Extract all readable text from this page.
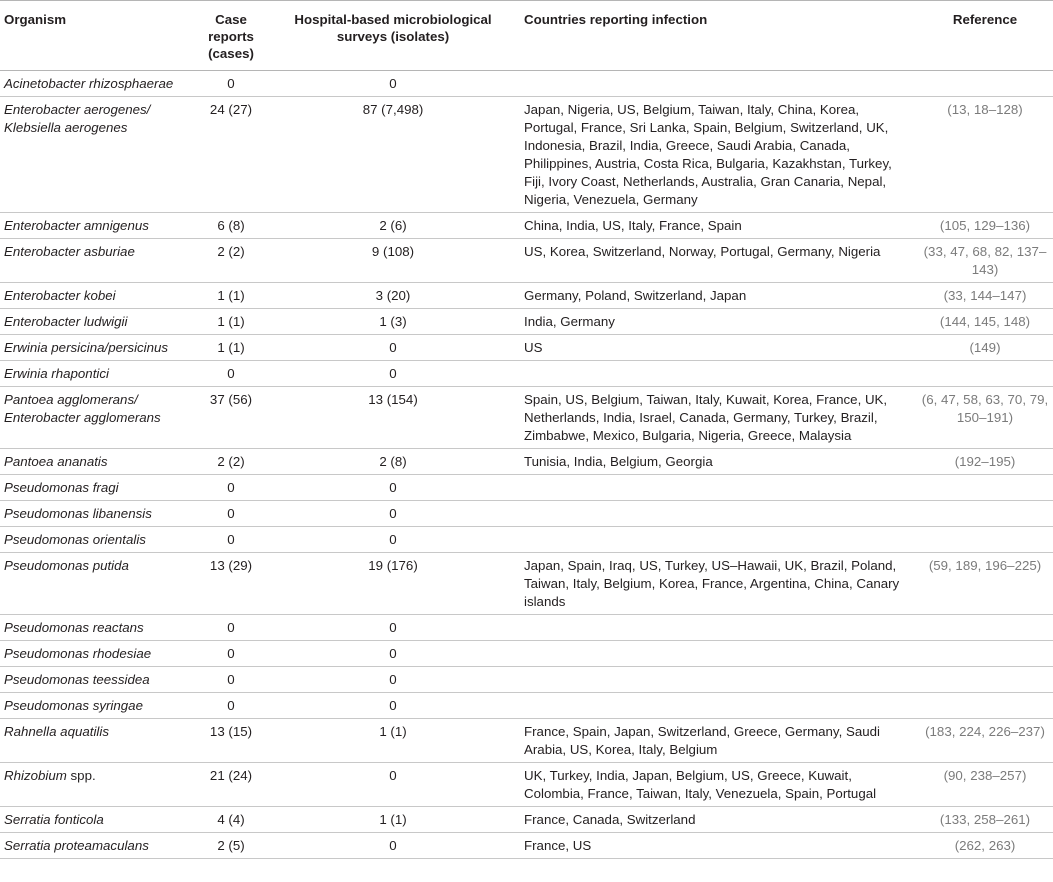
Organism	Case reports (cases)	Hospital-based microbiological surveys (isolates)	Countries reporting infection	Reference
Acinetobacter rhizosphaerae	0	0		
Enterobacter aerogenes/ Klebsiella aerogenes	24 (27)	87 (7,498)	Japan, Nigeria, US, Belgium, Taiwan, Italy, China, Korea, Portugal, France, Sri Lanka, Spain, Belgium, Switzerland, UK, Indonesia, Brazil, India, Greece, Saudi Arabia, Canada, Philippines, Austria, Costa Rica, Bulgaria, Kazakhstan, Turkey, Fiji, Ivory Coast, Netherlands, Australia, Gran Canaria, Nepal, Nigeria, Venezuela, Germany	(13, 18–128)
Enterobacter amnigenus	6 (8)	2 (6)	China, India, US, Italy, France, Spain	(105, 129–136)
Enterobacter asburiae	2 (2)	9 (108)	US, Korea, Switzerland, Norway, Portugal, Germany, Nigeria	(33, 47, 68, 82, 137–143)
Enterobacter kobei	1 (1)	3 (20)	Germany, Poland, Switzerland, Japan	(33, 144–147)
Enterobacter ludwigii	1 (1)	1 (3)	India, Germany	(144, 145, 148)
Erwinia persicina/persicinus	1 (1)	0	US	(149)
Erwinia rhapontici	0	0		
Pantoea agglomerans/ Enterobacter agglomerans	37 (56)	13 (154)	Spain, US, Belgium, Taiwan, Italy, Kuwait, Korea, France, UK, Netherlands, India, Israel, Canada, Germany, Turkey, Brazil, Zimbabwe, Mexico, Bulgaria, Nigeria, Greece, Malaysia	(6, 47, 58, 63, 70, 79, 150–191)
Pantoea ananatis	2 (2)	2 (8)	Tunisia, India, Belgium, Georgia	(192–195)
Pseudomonas fragi	0	0		
Pseudomonas libanensis	0	0		
Pseudomonas orientalis	0	0		
Pseudomonas putida	13 (29)	19 (176)	Japan, Spain, Iraq, US, Turkey, US–Hawaii, UK, Brazil, Poland, Taiwan, Italy, Belgium, Korea, France, Argentina, China, Canary islands	(59, 189, 196–225)
Pseudomonas reactans	0	0		
Pseudomonas rhodesiae	0	0		
Pseudomonas teessidea	0	0		
Pseudomonas syringae	0	0		
Rahnella aquatilis	13 (15)	1 (1)	France, Spain, Japan, Switzerland, Greece, Germany, Saudi Arabia, US, Korea, Italy, Belgium	(183, 224, 226–237)
Rhizobium spp.	21 (24)	0	UK, Turkey, India, Japan, Belgium, US, Greece, Kuwait, Colombia, France, Taiwan, Italy, Venezuela, Spain, Portugal	(90, 238–257)
Serratia fonticola	4 (4)	1 (1)	France, Canada, Switzerland	(133, 258–261)
Serratia proteamaculans	2 (5)	0	France, US	(262, 263)
